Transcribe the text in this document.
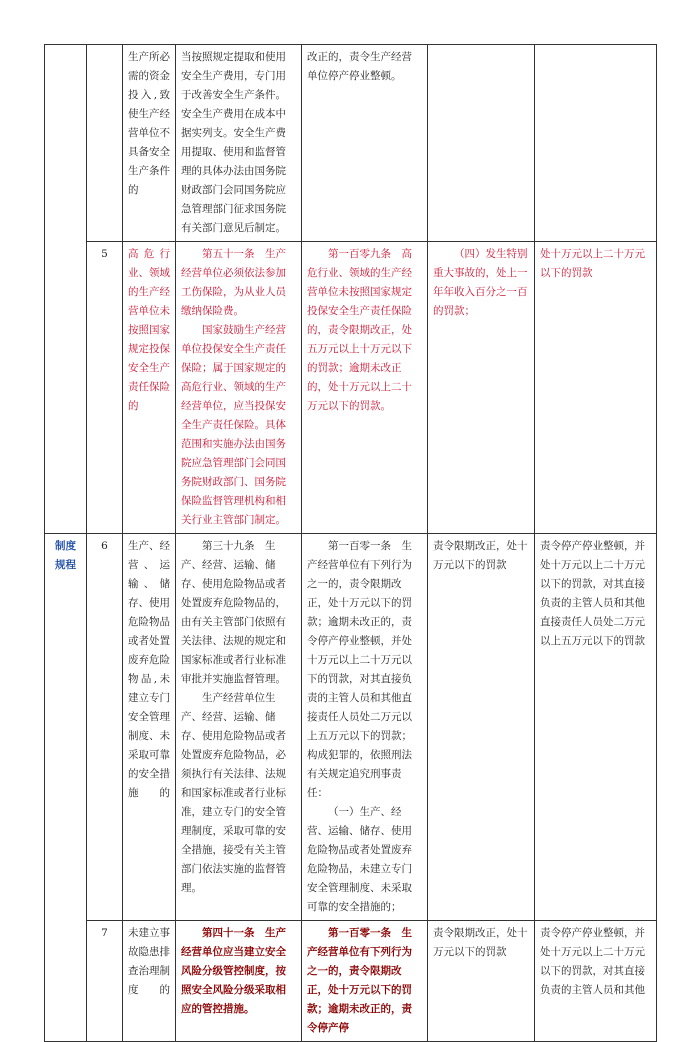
		生产所必需的资金投入,致使生产经营单位不具备安全生产条件的	当按照规定提取和使用安全生产费用，专门用于改善安全生产条件。安全生产费用在成本中据实列支。安全生产费用提取、使用和监督管理的具体办法由国务院财政部门会同国务院应急管理部门征求国务院有关部门意见后制定。	改正的，责令生产经营单位停产停业整顿。		

	5	高危行业、领域的生产经营单位未按照国家规定投保安全生产责任保险的	第五十一条　生产经营单位必须依法参加工伤保险，为从业人员缴纳保险费。
国家鼓励生产经营单位投保安全生产责任保险；属于国家规定的高危行业、领域的生产经营单位，应当投保安全生产责任保险。具体范围和实施办法由国务院应急管理部门会同国务院财政部门、国务院保险监督管理机构和相关行业主管部门制定。	第一百零九条　高危行业、领域的生产经营单位未按照国家规定投保安全生产责任保险的，责令限期改正，处五万元以上十万元以下的罚款；逾期未改正的，处十万元以上二十万元以下的罚款。	（四）发生特别重大事故的，处上一年年收入百分之一百的罚款；	处十万元以上二十万元以下的罚款
制度规程	6	生产、经营、运输、储存、使用危险物品或者处置废弃危险物品,未建立专门安全管理制度、未采取可靠的安全措施的	第三十九条　生产、经营、运输、储存、使用危险物品或者处置废弃危险物品的，由有关主管部门依照有关法律、法规的规定和国家标准或者行业标准审批并实施监督管理。
生产经营单位生产、经营、运输、储存、使用危险物品或者处置废弃危险物品，必须执行有关法律、法规和国家标准或者行业标准，建立专门的安全管理制度，采取可靠的安全措施，接受有关主管部门依法实施的监督管理。	第一百零一条　生产经营单位有下列行为之一的，责令限期改正，处十万元以下的罚款；逾期未改正的，责令停产停业整顿，并处十万元以上二十万元以下的罚款，对其直接负责的主管人员和其他直接责任人员处二万元以上五万元以下的罚款；构成犯罪的，依照刑法有关规定追究刑事责任：
（一）生产、经营、运输、储存、使用危险物品或者处置废弃危险物品，未建立专门安全管理制度、未采取可靠的安全措施的；	责令限期改正，处十万元以下的罚款	责令停产停业整顿，并处十万元以上二十万元以下的罚款，对其直接负责的主管人员和其他直接责任人员处二万元以上五万元以下的罚款
	7	未建立事故隐患排查治理制度的	第四十一条　生产经营单位应当建立安全风险分级管控制度，按照安全风险分级采取相应的管控措施。	第一百零一条　生产经营单位有下列行为之一的，责令限期改正，处十万元以下的罚款；逾期未改正的，责令停产停	责令限期改正，处十万元以下的罚款	责令停产停业整顿，并处十万元以上二十万元以下的罚款，对其直接负责的主管人员和其他
